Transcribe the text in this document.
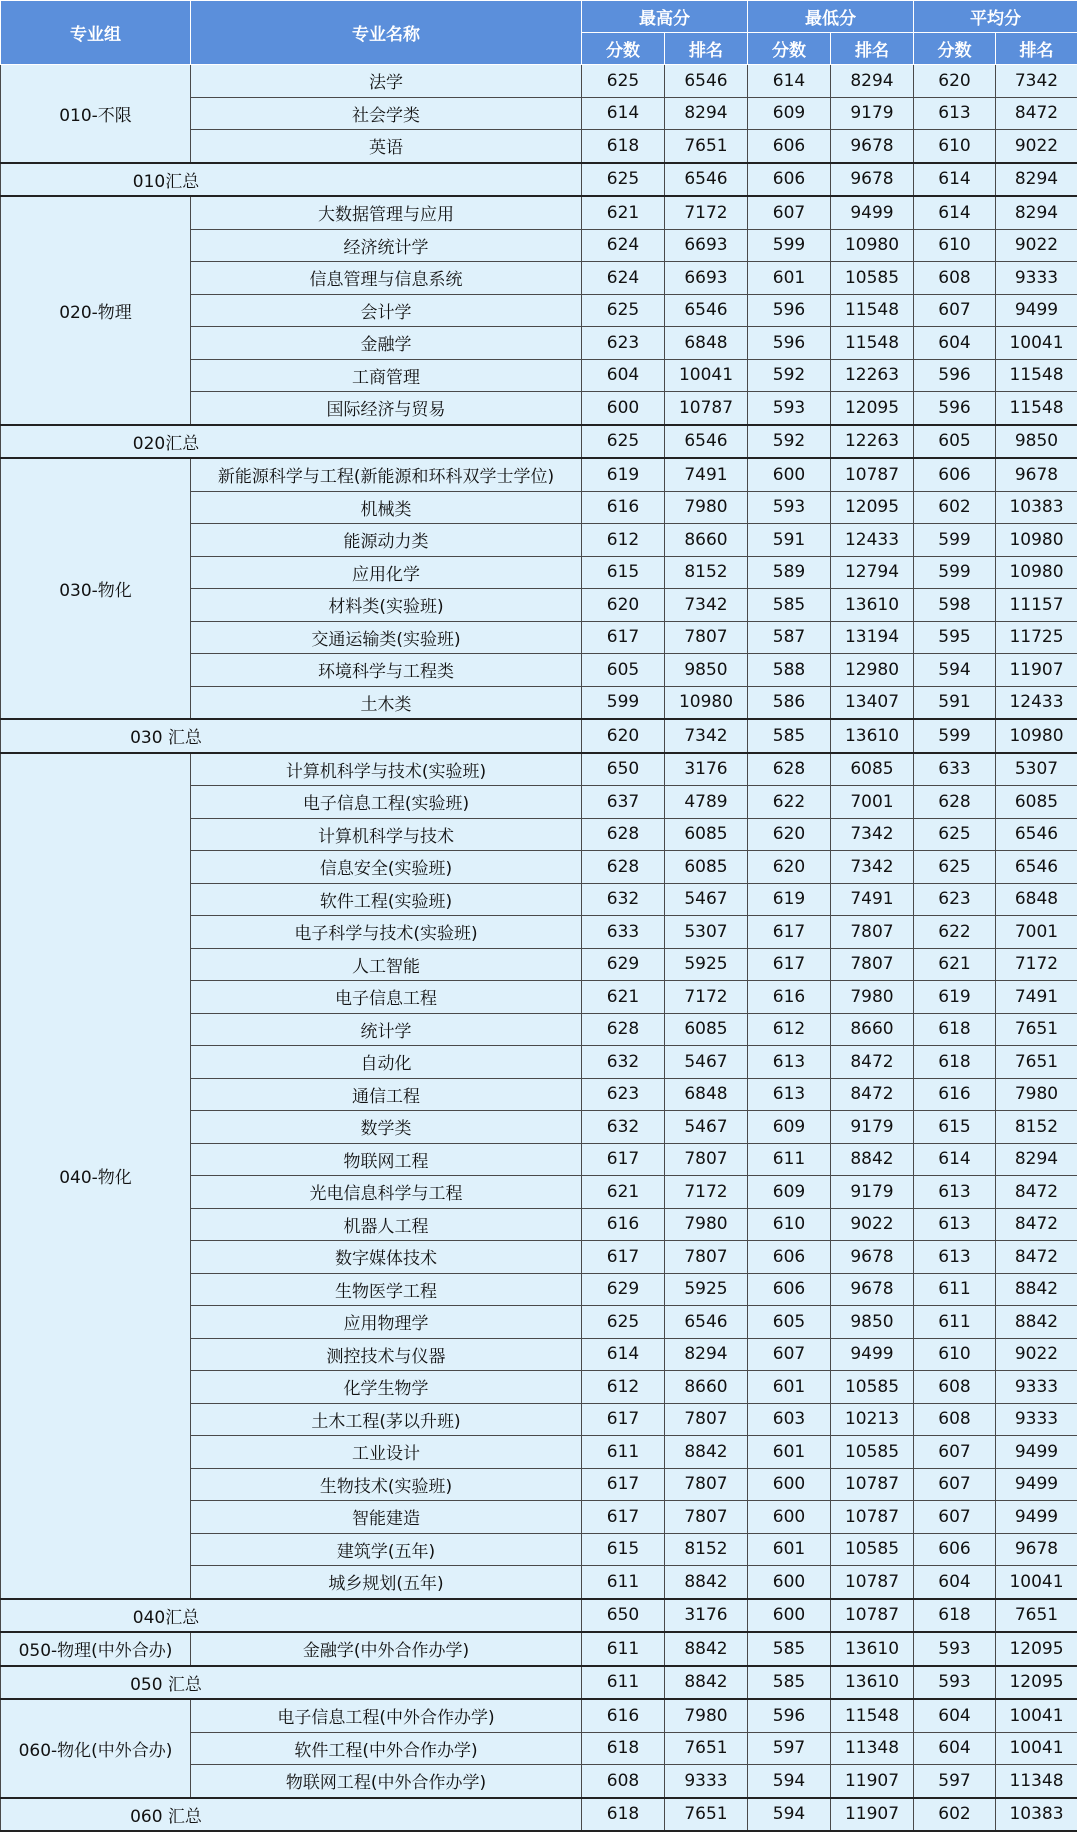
专业组	专业名称	最高分		最低分		平均分	
		分数	排名	分数	排名	分数	排名
010-不限	法学	625	6546	614	8294	620	7342
	社会学类	614	8294	609	9179	613	8472
	英语	618	7651	606	9678	610	9022
010汇总		625	6546	606	9678	614	8294
020-物理	大数据管理与应用	621	7172	607	9499	614	8294
	经济统计学	624	6693	599	10980	610	9022
	信息管理与信息系统	624	6693	601	10585	608	9333
	会计学	625	6546	596	11548	607	9499
	金融学	623	6848	596	11548	604	10041
	工商管理	604	10041	592	12263	596	11548
	国际经济与贸易	600	10787	593	12095	596	11548
020汇总		625	6546	592	12263	605	9850
030-物化	新能源科学与工程(新能源和环科双学士学位)	619	7491	600	10787	606	9678
	机械类	616	7980	593	12095	602	10383
	能源动力类	612	8660	591	12433	599	10980
	应用化学	615	8152	589	12794	599	10980
	材料类(实验班)	620	7342	585	13610	598	11157
	交通运输类(实验班)	617	7807	587	13194	595	11725
	环境科学与工程类	605	9850	588	12980	594	11907
	土木类	599	10980	586	13407	591	12433
030 汇总		620	7342	585	13610	599	10980
040-物化	计算机科学与技术(实验班)	650	3176	628	6085	633	5307
	电子信息工程(实验班)	637	4789	622	7001	628	6085
	计算机科学与技术	628	6085	620	7342	625	6546
	信息安全(实验班)	628	6085	620	7342	625	6546
	软件工程(实验班)	632	5467	619	7491	623	6848
	电子科学与技术(实验班)	633	5307	617	7807	622	7001
	人工智能	629	5925	617	7807	621	7172
	电子信息工程	621	7172	616	7980	619	7491
	统计学	628	6085	612	8660	618	7651
	自动化	632	5467	613	8472	618	7651
	通信工程	623	6848	613	8472	616	7980
	数学类	632	5467	609	9179	615	8152
	物联网工程	617	7807	611	8842	614	8294
	光电信息科学与工程	621	7172	609	9179	613	8472
	机器人工程	616	7980	610	9022	613	8472
	数字媒体技术	617	7807	606	9678	613	8472
	生物医学工程	629	5925	606	9678	611	8842
	应用物理学	625	6546	605	9850	611	8842
	测控技术与仪器	614	8294	607	9499	610	9022
	化学生物学	612	8660	601	10585	608	9333
	土木工程(茅以升班)	617	7807	603	10213	608	9333
	工业设计	611	8842	601	10585	607	9499
	生物技术(实验班)	617	7807	600	10787	607	9499
	智能建造	617	7807	600	10787	607	9499
	建筑学(五年)	615	8152	601	10585	606	9678
	城乡规划(五年)	611	8842	600	10787	604	10041
040汇总		650	3176	600	10787	618	7651
050-物理(中外合办)	金融学(中外合作办学)	611	8842	585	13610	593	12095
050 汇总		611	8842	585	13610	593	12095
060-物化(中外合办)	电子信息工程(中外合作办学)	616	7980	596	11548	604	10041
	软件工程(中外合作办学)	618	7651	597	11348	604	10041
	物联网工程(中外合作办学)	608	9333	594	11907	597	11348
060 汇总		618	7651	594	11907	602	10383
